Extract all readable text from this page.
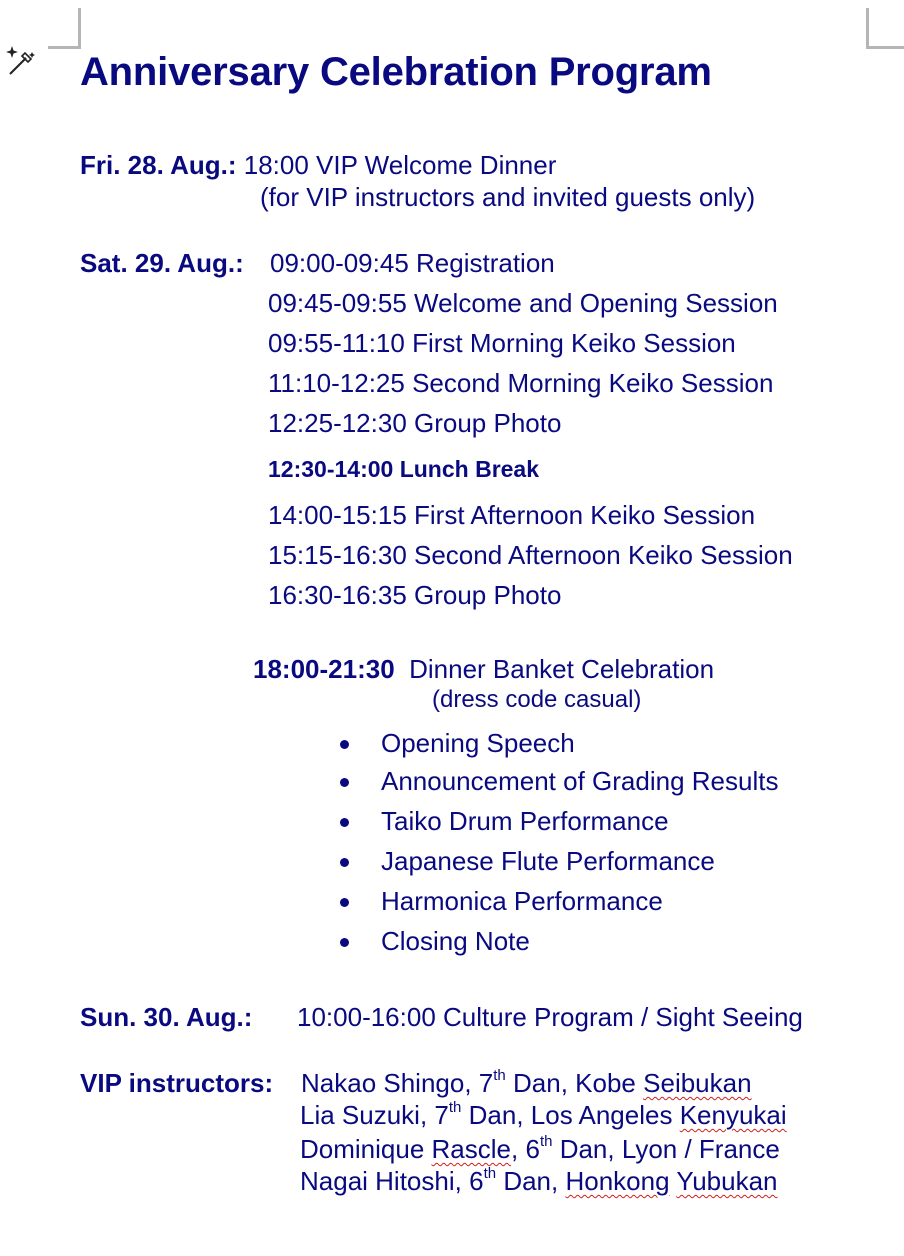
Anniversary Celebration Program
Fri. 28. Aug.: 18:00 VIP Welcome Dinner
(for VIP instructors and invited guests only)
Sat. 29. Aug.: 09:00-09:45 Registration
09:45-09:55 Welcome and Opening Session
09:55-11:10 First Morning Keiko Session
11:10-12:25 Second Morning Keiko Session
12:25-12:30 Group Photo
12:30-14:00 Lunch Break
14:00-15:15 First Afternoon Keiko Session
15:15-16:30 Second Afternoon Keiko Session
16:30-16:35 Group Photo
18:00-21:30 Dinner Banket Celebration
(dress code casual)
Opening Speech
Announcement of Grading Results
Taiko Drum Performance
Japanese Flute Performance
Harmonica Performance
Closing Note
Sun. 30. Aug.: 10:00-16:00 Culture Program / Sight Seeing
VIP instructors: Nakao Shingo, 7th Dan, Kobe Seibukan
Lia Suzuki, 7th Dan, Los Angeles Kenyukai
Dominique Rascle, 6th Dan, Lyon / France
Nagai Hitoshi, 6th Dan, Honkong Yubukan
